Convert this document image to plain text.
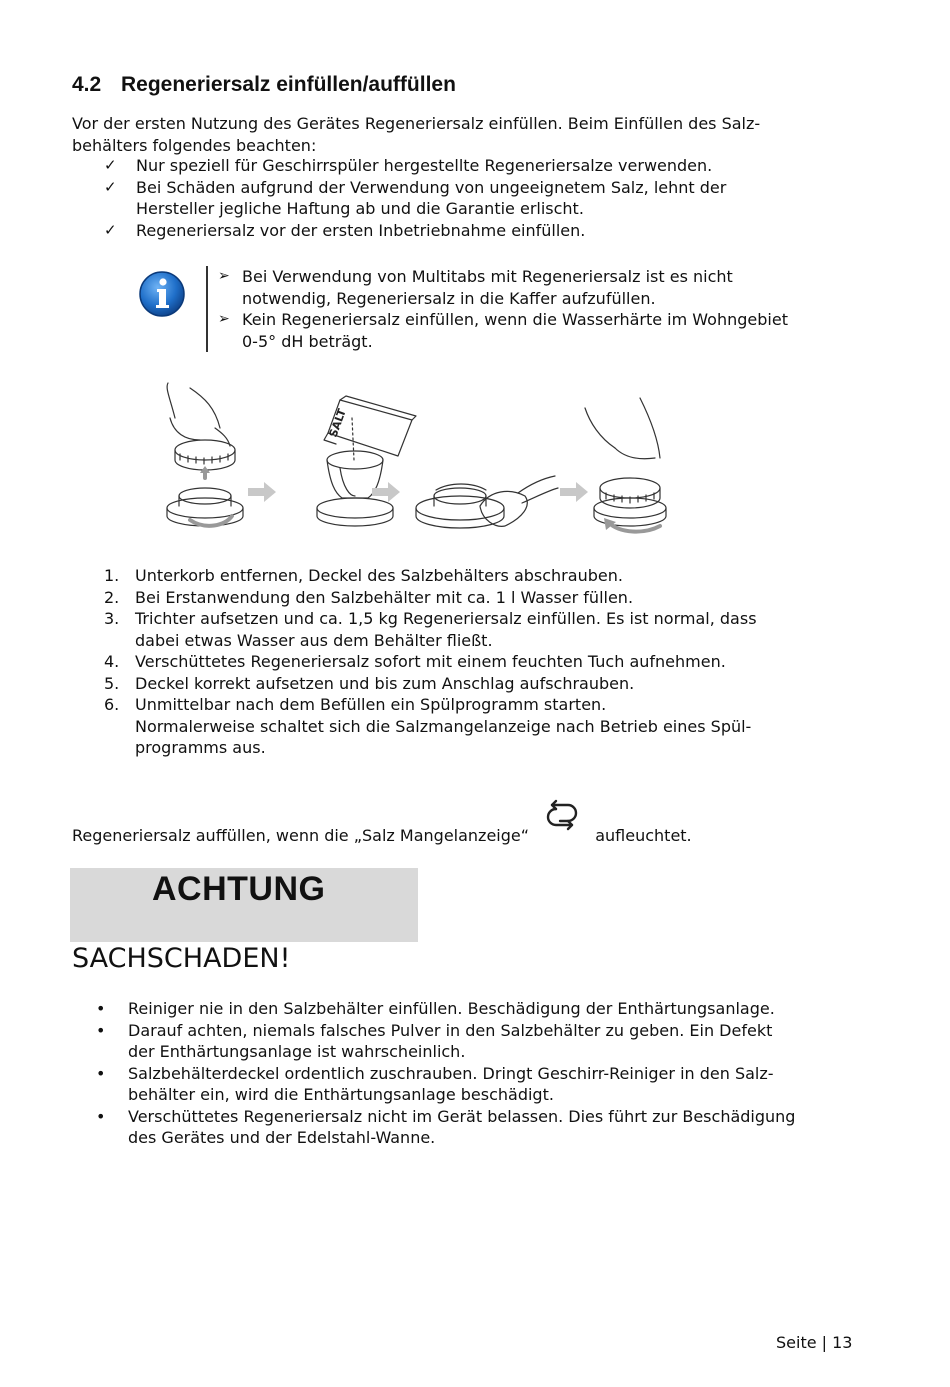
4.2 Regeneriersalz einfüllen/auffüllen
Vor der ersten Nutzung des Gerätes Regeneriersalz einfüllen. Beim Einfüllen des Salz-
behälters folgendes beachten:
✓ Nur speziell für Geschirrspüler hergestellte Regeneriersalze verwenden.
✓ Bei Schäden aufgrund der Verwendung von ungeeignetem Salz, lehnt der
Hersteller jegliche Haftung ab und die Garantie erlischt.
✓ Regeneriersalz vor der ersten Inbetriebnahme einfüllen.
➢ Bei Verwendung von Multitabs mit Regeneriersalz ist es nicht
notwendig, Regeneriersalz in die Kaffer aufzufüllen.
➢ Kein Regeneriersalz einfüllen, wenn die Wasserhärte im Wohngebiet
0-5° dH beträgt.
SALT
1. Unterkorb entfernen, Deckel des Salzbehälters abschrauben.
2. Bei Erstanwendung den Salzbehälter mit ca. 1 l Wasser füllen.
3. Trichter aufsetzen und ca. 1,5 kg Regeneriersalz einfüllen. Es ist normal, dass
dabei etwas Wasser aus dem Behälter fließt.
4. Verschüttetes Regeneriersalz sofort mit einem feuchten Tuch aufnehmen.
5. Deckel korrekt aufsetzen und bis zum Anschlag aufschrauben.
6. Unmittelbar nach dem Befüllen ein Spülprogramm starten.
Normalerweise schaltet sich die Salzmangelanzeige nach Betrieb eines Spül-
programms aus.
Regeneriersalz auffüllen, wenn die „Salz Mangelanzeige“	aufleuchtet.
ACHTUNG
SACHSCHADEN!
• Reiniger nie in den Salzbehälter einfüllen. Beschädigung der Enthärtungsanlage.
• Darauf achten, niemals falsches Pulver in den Salzbehälter zu geben. Ein Defekt
der Enthärtungsanlage ist wahrscheinlich.
• Salzbehälterdeckel ordentlich zuschrauben. Dringt Geschirr-Reiniger in den Salz-
behälter ein, wird die Enthärtungsanlage beschädigt.
• Verschüttetes Regeneriersalz nicht im Gerät belassen. Dies führt zur Beschädigung
des Gerätes und der Edelstahl-Wanne.
Seite | 13
